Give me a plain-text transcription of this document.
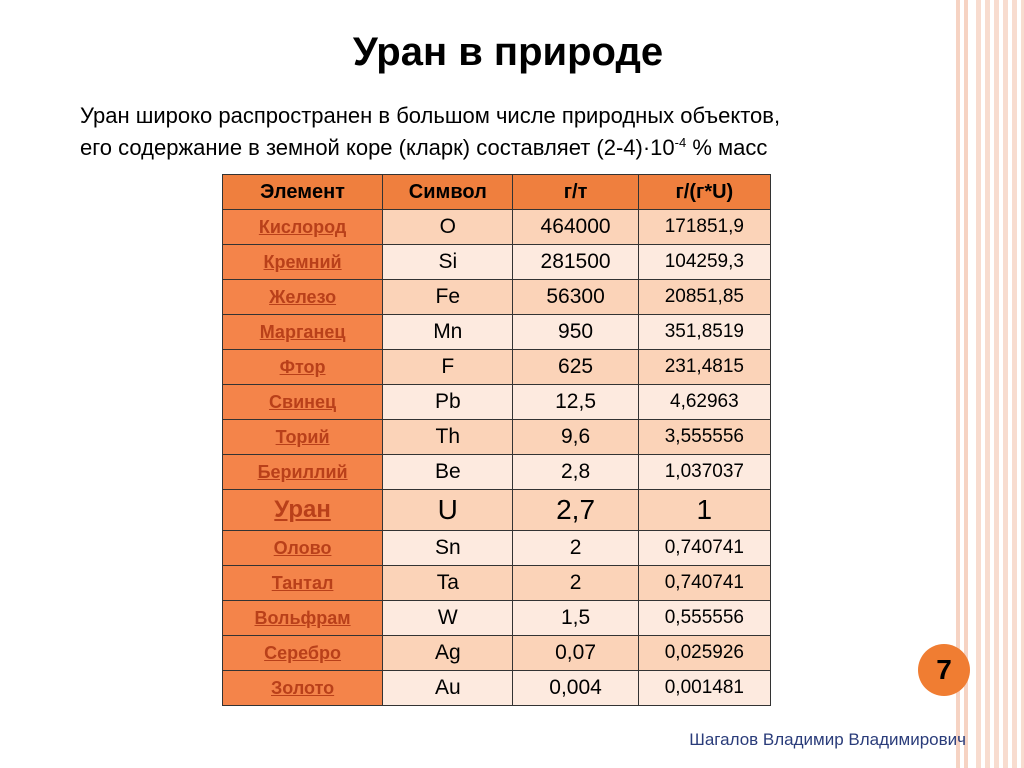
Уран в природе
Уран широко распространен в большом числе природных объектов,
его содержание в земной коре (кларк) составляет $(2-4)\cdot 10^{-4}$ % масс
Элемент	Символ	г/т	г/(г*U)
Кислород	O	464000	171851,9
Кремний	Si	281500	104259,3
Железо	Fe	56300	20851,85
Марганец	Mn	950	351,8519
Фтор	F	625	231,4815
Свинец	Pb	12,5	4,62963
Торий	Th	9,6	3,555556
Бериллий	Be	2,8	1,037037
Уран	U	2,7	1
Олово	Sn	2	0,740741
Тантал	Ta	2	0,740741
Вольфрам	W	1,5	0,555556
Серебро	Ag	0,07	0,025926
Золото	Au	0,004	0,001481
7
Шагалов Владимир Владимирович
